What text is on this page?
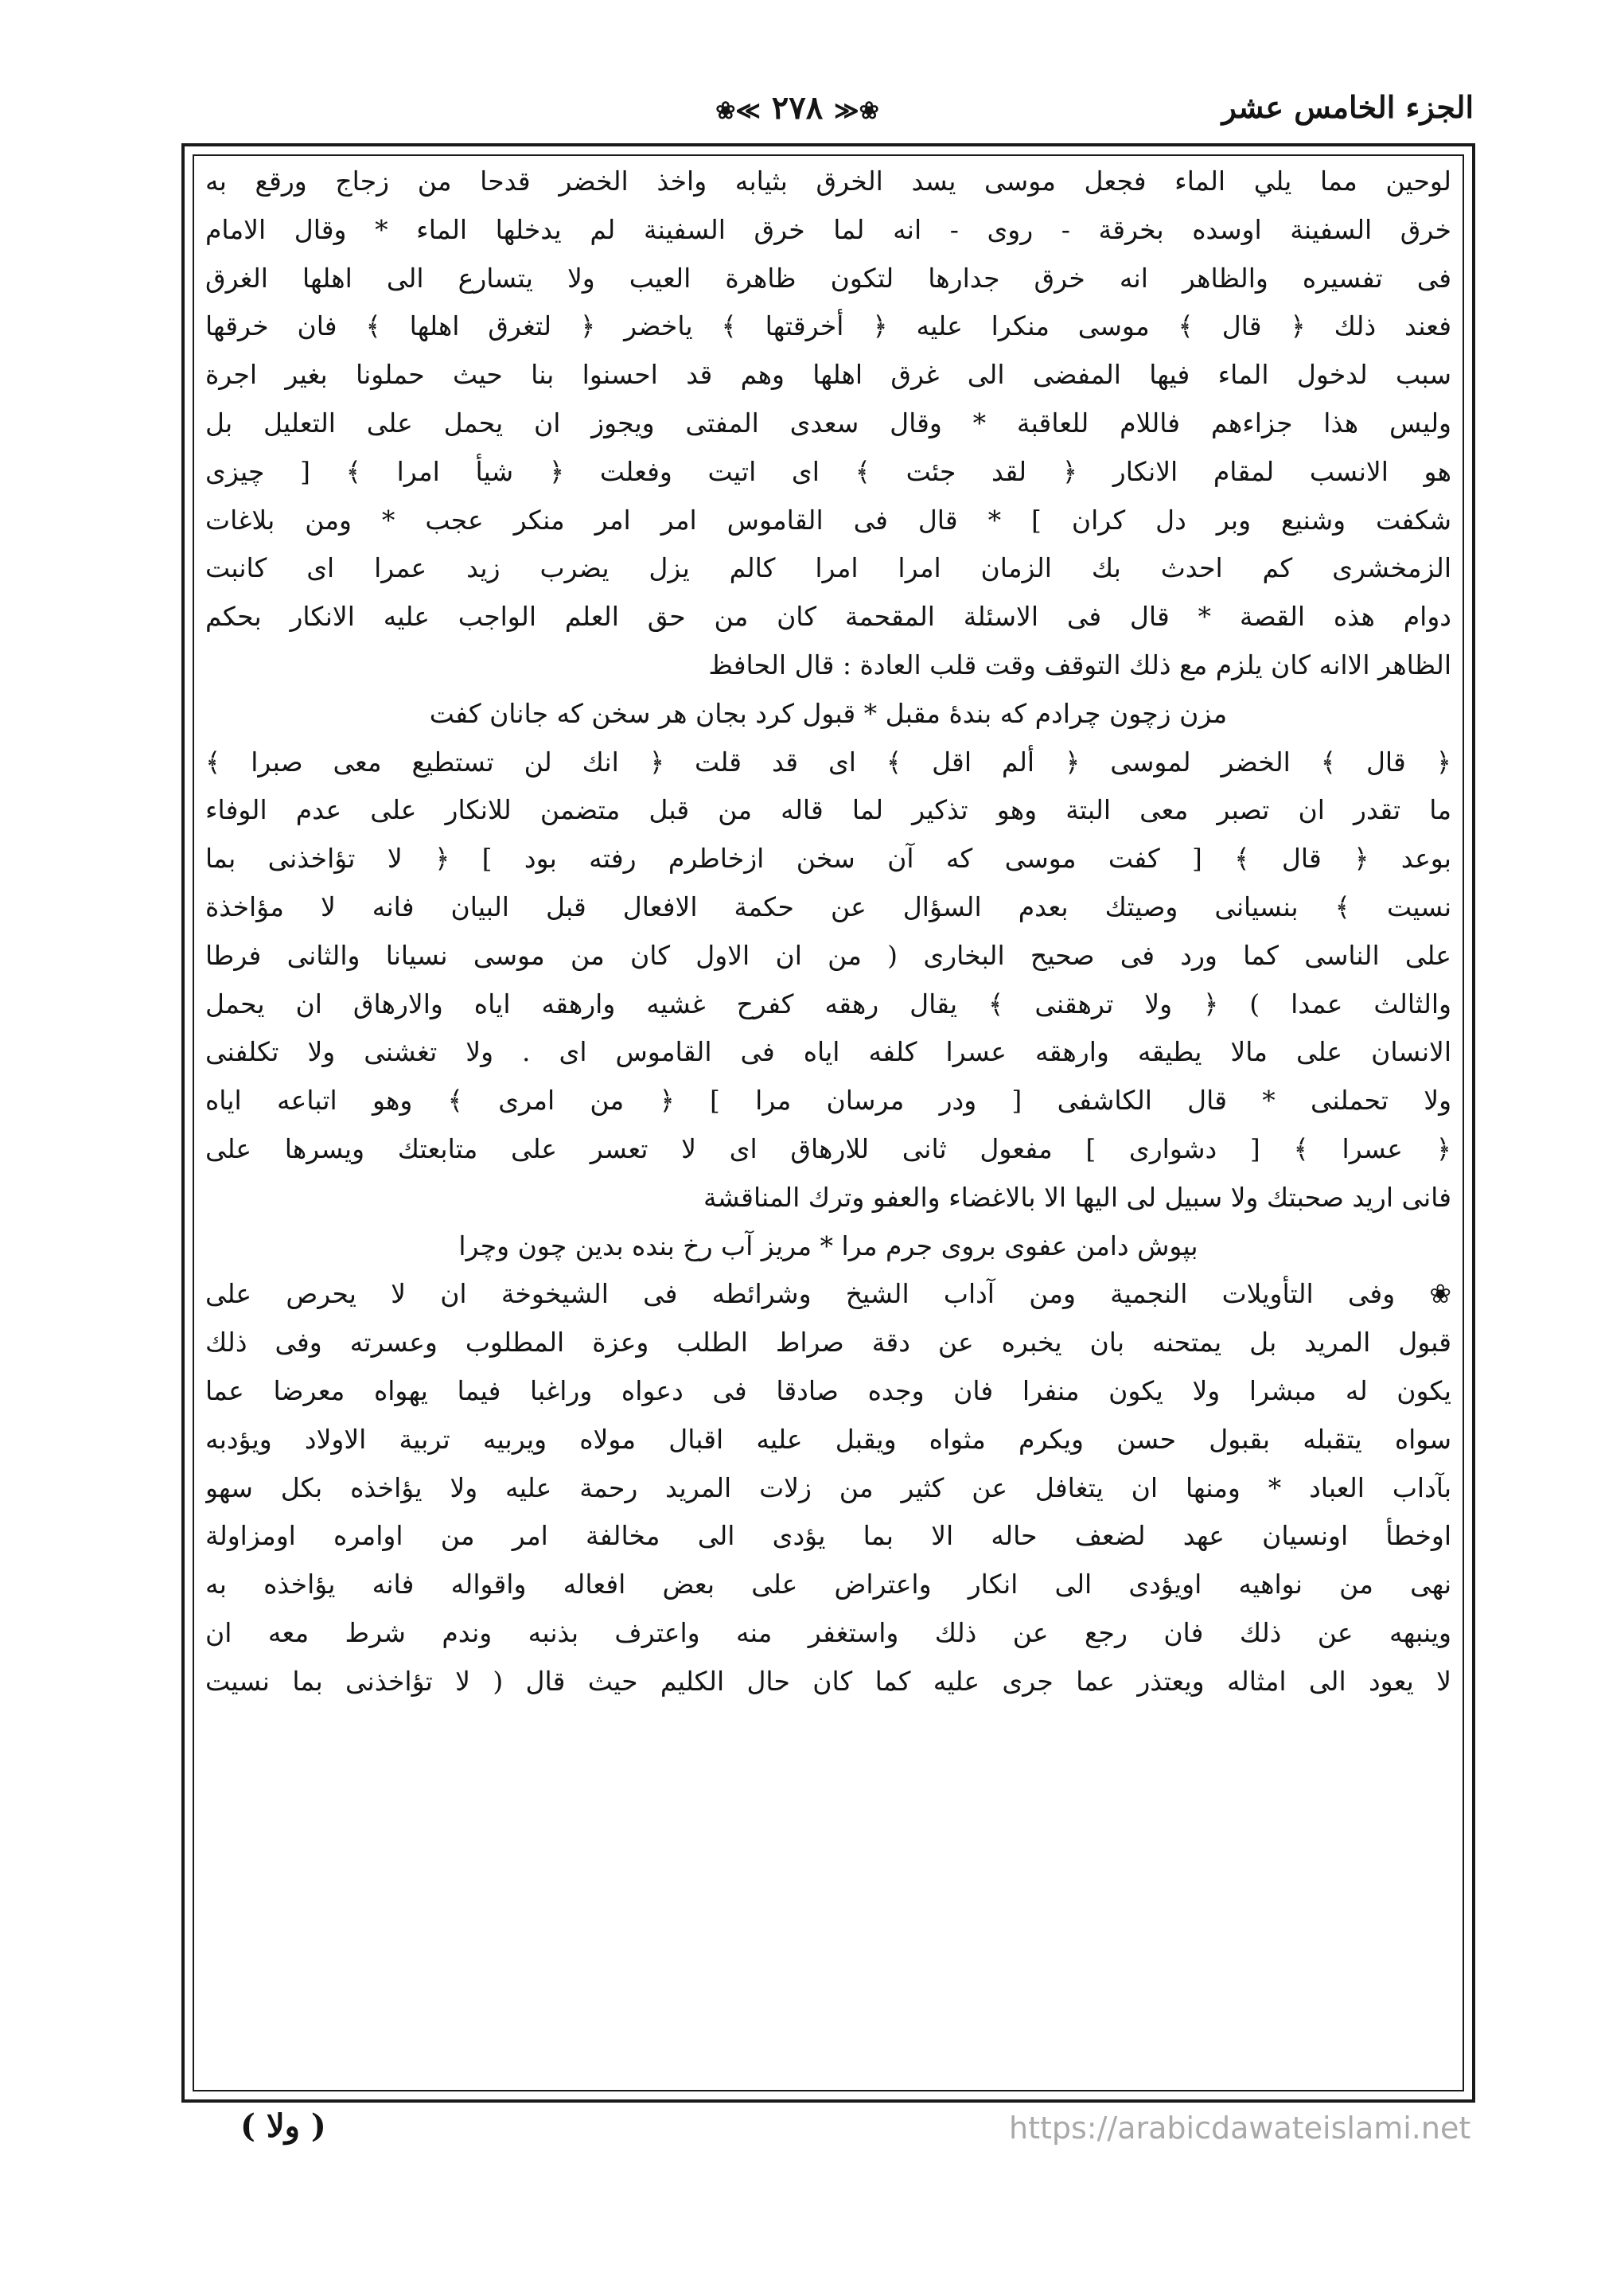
الجزء الخامس عشر
❀≪ ٢٧٨ ≫❀
لوحين مما يلي الماء فجعل موسى يسد الخرق بثيابه واخذ الخضر قدحا من زجاج ورقع به
خرق السفينة اوسده بخرقة - روى - انه لما خرق السفينة لم يدخلها الماء * وقال الامام
فى تفسيره والظاهر انه خرق جدارها لتكون ظاهرة العيب ولا يتسارع الى اهلها الغرق
فعند ذلك ﴿ قال ﴾ موسى منكرا عليه ﴿ أخرقتها ﴾ ياخضر ﴿ لتغرق اهلها ﴾ فان خرقها
سبب لدخول الماء فيها المفضى الى غرق اهلها وهم قد احسنوا بنا حيث حملونا بغير اجرة
وليس هذا جزاءهم فاللام للعاقبة * وقال سعدى المفتى ويجوز ان يحمل على التعليل بل
هو الانسب لمقام الانكار ﴿ لقد جئت ﴾ اى اتيت وفعلت ﴿ شيأ امرا ﴾ [ چيزى
شكفت وشنيع وبر دل كران ] * قال فى القاموس امر امر منكر عجب * ومن بلاغات
الزمخشرى كم احدث بك الزمان امرا امرا كالم يزل يضرب زيد عمرا اى كانبت
دوام هذه القصة * قال فى الاسئلة المقحمة كان من حق العلم الواجب عليه الانكار بحكم
الظاهر الاانه كان يلزم مع ذلك التوقف وقت قلب العادة : قال الحافظ
مزن زچون چرادم كه بندهٔ مقبل * قبول كرد بجان هر سخن كه جانان كفت
﴿ قال ﴾ الخضر لموسى ﴿ ألم اقل ﴾ اى قد قلت ﴿ انك لن تستطيع معى صبرا ﴾
ما تقدر ان تصبر معى البتة وهو تذكير لما قاله من قبل متضمن للانكار على عدم الوفاء
بوعد ﴿ قال ﴾ [ كفت موسى كه آن سخن ازخاطرم رفته بود ] ﴿ لا تؤاخذنى بما
نسيت ﴾ بنسيانى وصيتك بعدم السؤال عن حكمة الافعال قبل البيان فانه لا مؤاخذة
على الناسى كما ورد فى صحيح البخارى ( من ان الاول كان من موسى نسيانا والثانى فرطا
والثالث عمدا ) ﴿ ولا ترهقنى ﴾ يقال رهقه كفرح غشيه وارهقه اياه والارهاق ان يحمل
الانسان على مالا يطيقه وارهقه عسرا كلفه اياه فى القاموس اى . ولا تغشنى ولا تكلفنى
ولا تحملنى * قال الكاشفى [ ودر مرسان مرا ] ﴿ من امرى ﴾ وهو اتباعه اياه
﴿ عسرا ﴾ [ دشوارى ] مفعول ثانى للارهاق اى لا تعسر على متابعتك ويسرها على
فانى اريد صحبتك ولا سبيل لى اليها الا بالاغضاء والعفو وترك المناقشة
بپوش دامن عفوى بروى جرم مرا * مريز آب رخ بنده بدين چون وچرا
❀ وفى التأويلات النجمية ومن آداب الشيخ وشرائطه فى الشيخوخة ان لا يحرص على
قبول المريد بل يمتحنه بان يخبره عن دقة صراط الطلب وعزة المطلوب وعسرته وفى ذلك
يكون له مبشرا ولا يكون منفرا فان وجده صادقا فى دعواه وراغبا فيما يهواه معرضا عما
سواه يتقبله بقبول حسن ويكرم مثواه ويقبل عليه اقبال مولاه ويربيه تربية الاولاد ويؤدبه
بآداب العباد * ومنها ان يتغافل عن كثير من زلات المريد رحمة عليه ولا يؤاخذه بكل سهو
اوخطأ اونسيان عهد لضعف حاله الا بما يؤدى الى مخالفة امر من اوامره اومزاولة
نهى من نواهيه اويؤدى الى انكار واعتراض على بعض افعاله واقواله فانه يؤاخذه به
وينبهه عن ذلك فان رجع عن ذلك واستغفر منه واعترف بذنبه وندم شرط معه ان
لا يعود الى امثاله ويعتذر عما جرى عليه كما كان حال الكليم حيث قال ( لا تؤاخذنى بما نسيت
( ولا )	https://arabicdawateislami.net
